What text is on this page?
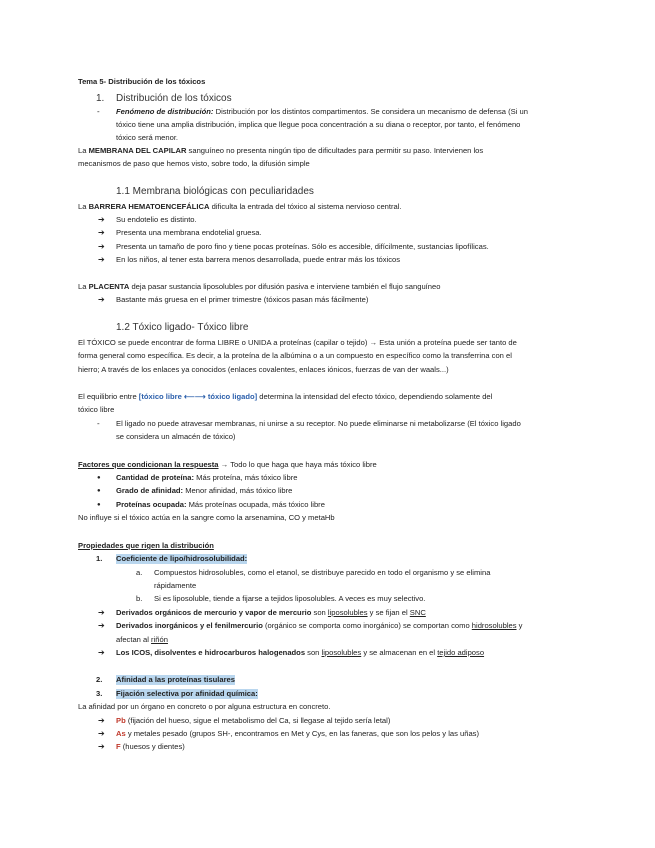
Tema 5- Distribución de los tóxicos
1. Distribución de los tóxicos
- Fenómeno de distribución: Distribución por los distintos compartimentos. Se considera un mecanismo de defensa (Si un
tóxico tiene una amplia distribución, implica que llegue poca concentración a su diana o receptor, por tanto, el fenómeno
tóxico será menor.
La MEMBRANA DEL CAPILAR sanguíneo no presenta ningún tipo de dificultades para permitir su paso. Intervienen los
mecanismos de paso que hemos visto, sobre todo, la difusión simple
1.1 Membrana biológicas con peculiaridades
La BARRERA HEMATOENCEFÁLICA dificulta la entrada del tóxico al sistema nervioso central.
➔ Su endotelio es distinto.
➔ Presenta una membrana endotelial gruesa.
➔ Presenta un tamaño de poro fino y tiene pocas proteínas. Sólo es accesible, difícilmente, sustancias lipofílicas.
➔ En los niños, al tener esta barrera menos desarrollada, puede entrar más los tóxicos
La PLACENTA deja pasar sustancia liposolubles por difusión pasiva e interviene también el flujo sanguíneo
➔ Bastante más gruesa en el primer trimestre (tóxicos pasan más fácilmente)
1.2 Tóxico ligado- Tóxico libre
El TÓXICO se puede encontrar de forma LIBRE o UNIDA a proteínas (capilar o tejido) → Esta unión a proteína puede ser tanto de
forma general como específica. Es decir, a la proteína de la albúmina o a un compuesto en específico como la transferrina con el
hierro; A través de los enlaces ya conocidos (enlaces covalentes, enlaces iónicos, fuerzas de van der waals...)
El equilibrio entre [tóxico libre ⟵⟶ tóxico ligado] determina la intensidad del efecto tóxico, dependiendo solamente del
tóxico libre
- El ligado no puede atravesar membranas, ni unirse a su receptor. No puede eliminarse ni metabolizarse (El tóxico ligado
se considera un almacén de tóxico)
Factores que condicionan la respuesta → Todo lo que haga que haya más tóxico libre
● Cantidad de proteína: Más proteína, más tóxico libre
● Grado de afinidad: Menor afinidad, más tóxico libre
● Proteínas ocupada: Más proteínas ocupada, más tóxico libre
No influye si el tóxico actúa en la sangre como la arsenamina, CO y metaHb
Propiedades que rigen la distribución
1. Coeficiente de lipo/hidrosolubilidad:
a. Compuestos hidrosolubles, como el etanol, se distribuye parecido en todo el organismo y se elimina
rápidamente
b. Si es liposoluble, tiende a fijarse a tejidos liposolubles. A veces es muy selectivo.
➔ Derivados orgánicos de mercurio y vapor de mercurio son liposolubles y se fijan el SNC
➔ Derivados inorgánicos y el fenilmercurio (orgánico se comporta como inorgánico) se comportan como hidrosolubles y
afectan al riñón
➔ Los ICOS, disolventes e hidrocarburos halogenados son liposolubles y se almacenan en el tejido adiposo
2. Afinidad a las proteínas tisulares
3. Fijación selectiva por afinidad química:
La afinidad por un órgano en concreto o por alguna estructura en concreto.
➔ Pb (fijación del hueso, sigue el metabolismo del Ca, si llegase al tejido sería letal)
➔ As y metales pesado (grupos SH-, encontramos en Met y Cys, en las faneras, que son los pelos y las uñas)
➔ F (huesos y dientes)
